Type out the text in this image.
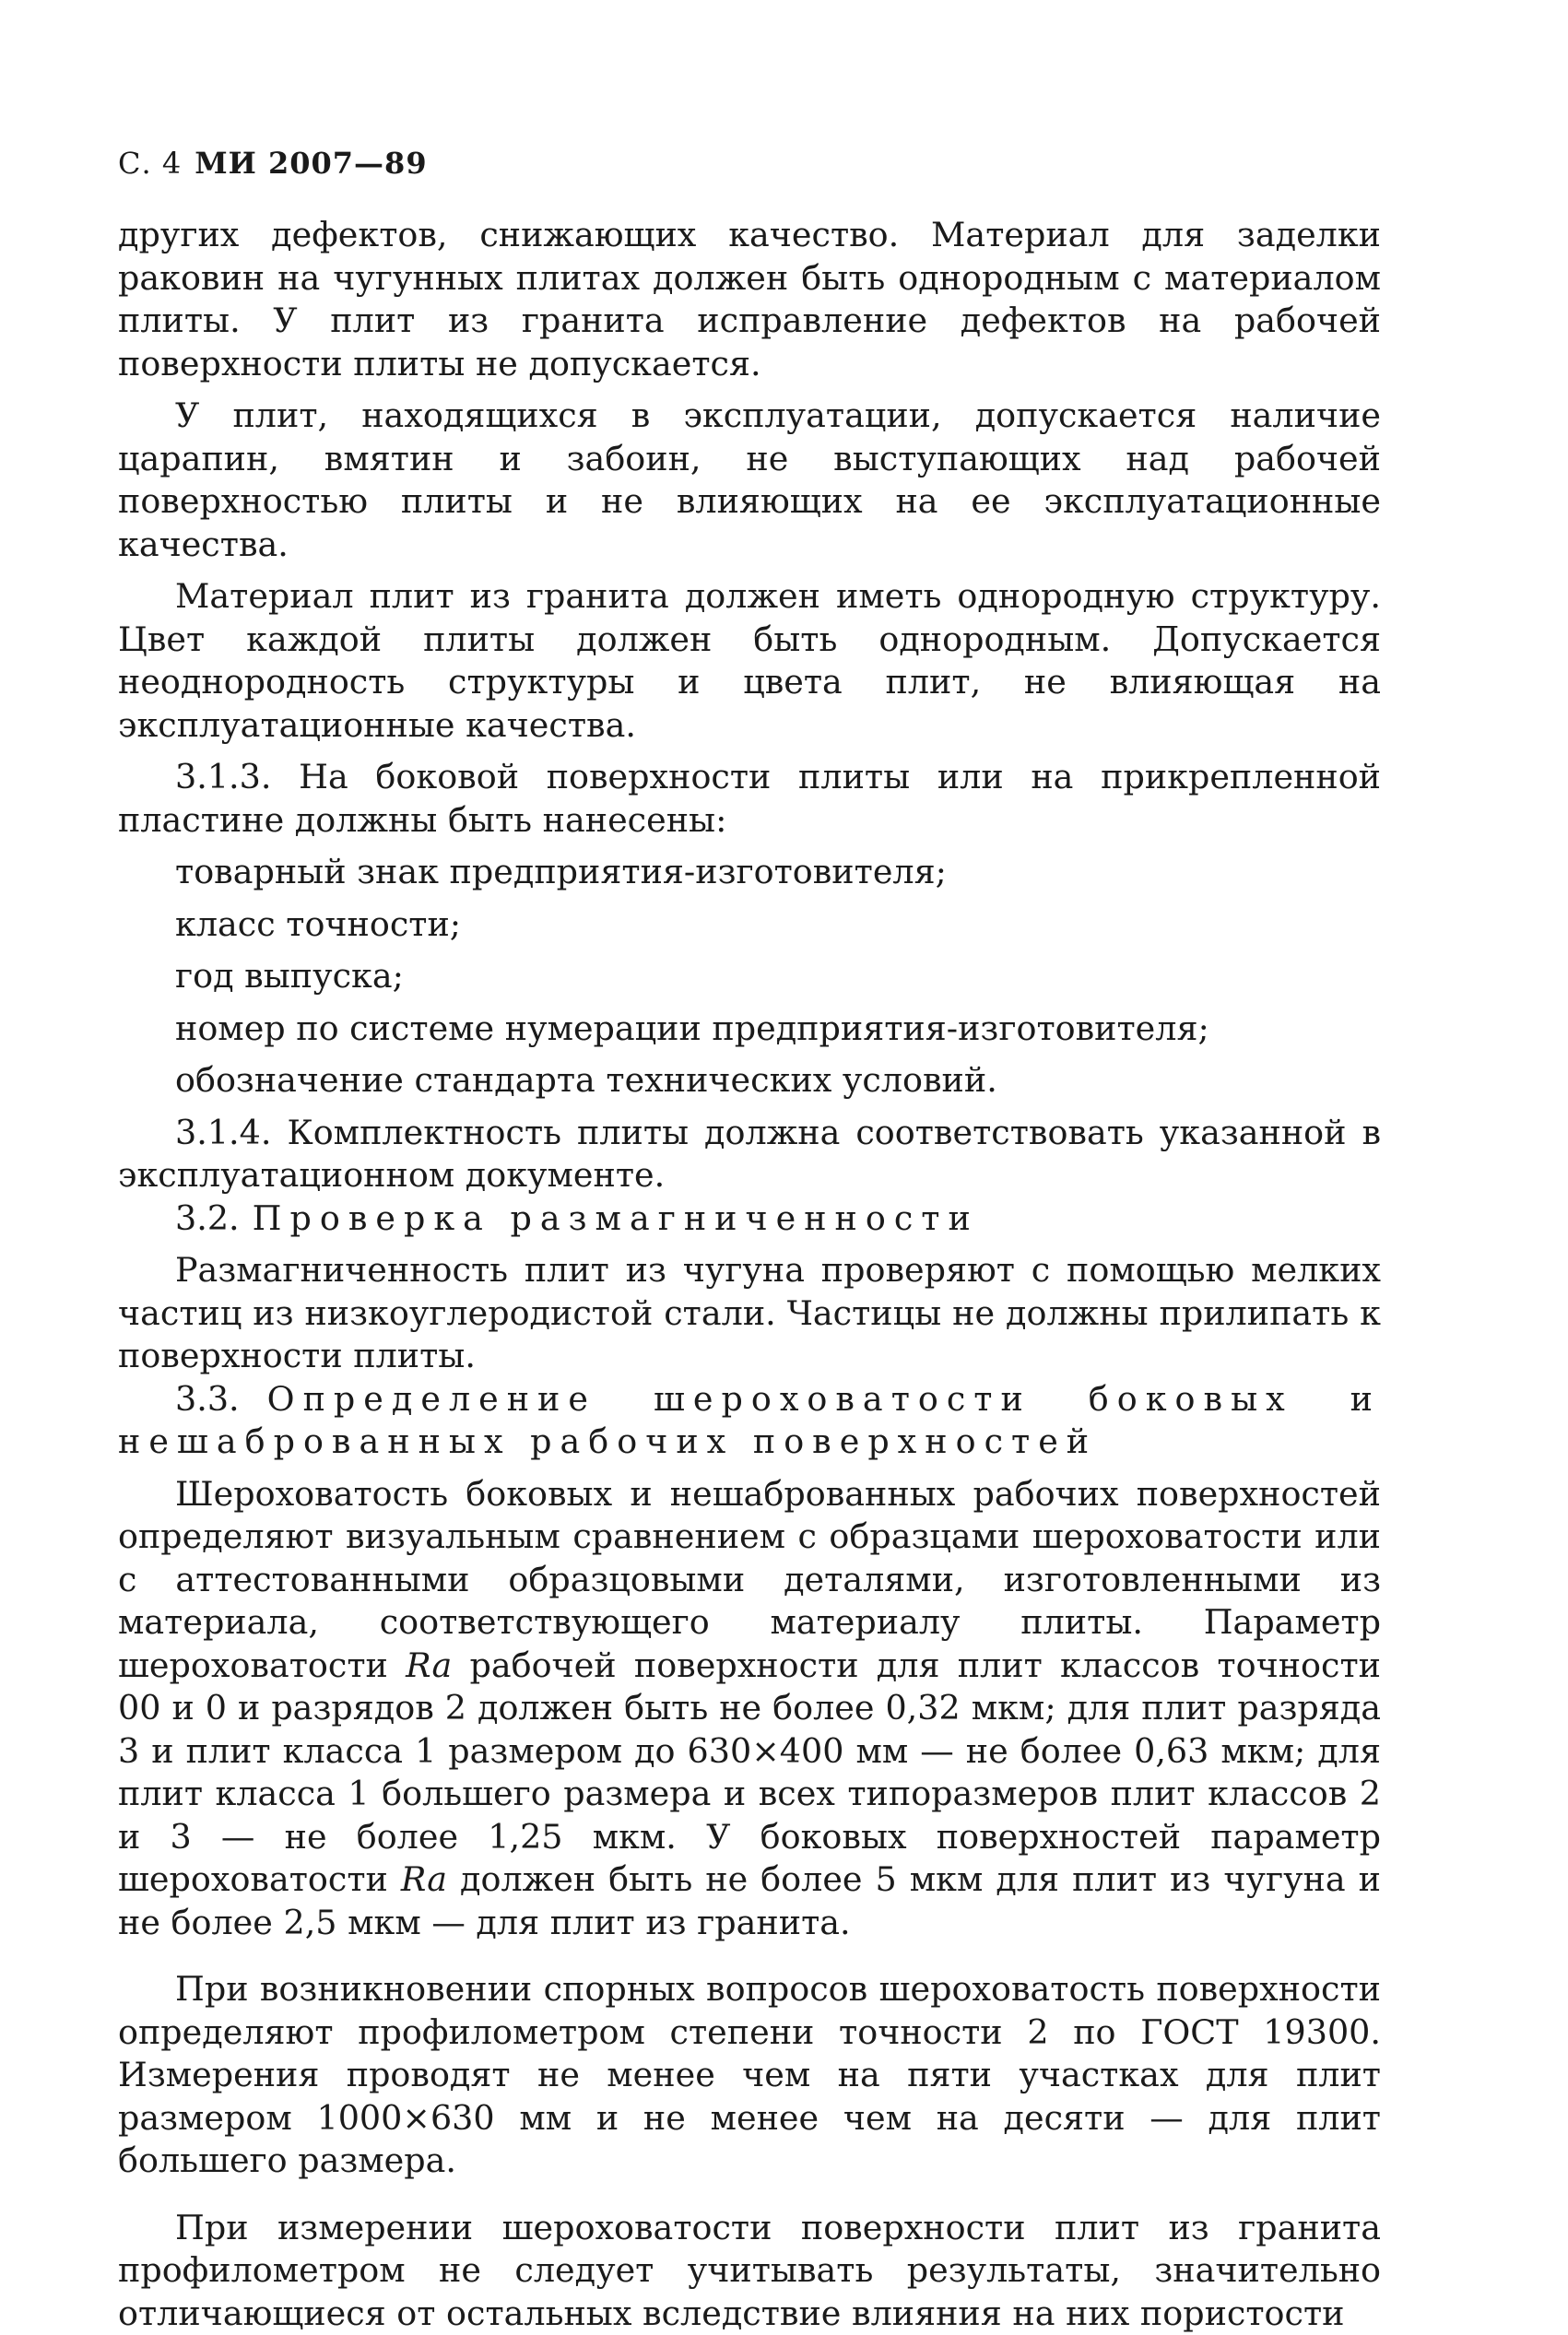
С. 4 МИ 2007—89

других дефектов, снижающих качество. Материал для заделки раковин на чугунных плитах должен быть однородным с материалом плиты. У плит из гранита исправление дефектов на рабочей поверхности плиты не допускается.

У плит, находящихся в эксплуатации, допускается наличие царапин, вмятин и забоин, не выступающих над рабочей поверхностью плиты и не влияющих на ее эксплуатационные качества.

Материал плит из гранита должен иметь однородную структуру. Цвет каждой плиты должен быть однородным. Допускается неоднородность структуры и цвета плит, не влияющая на эксплуатационные качества.

3.1.3. На боковой поверхности плиты или на прикрепленной пластине должны быть нанесены:

товарный знак предприятия-изготовителя;

класс точности;

год выпуска;

номер по системе нумерации предприятия-изготовителя;

обозначение стандарта технических условий.

3.1.4. Комплектность плиты должна соответствовать указанной в эксплуатационном документе.

3.2. Проверка размагниченности

Размагниченность плит из чугуна проверяют с помощью мелких частиц из низкоуглеродистой стали. Частицы не должны прилипать к поверхности плиты.

3.3. Определение шероховатости боковых и

нешаброванных рабочих поверхностей

Шероховатость боковых и нешаброванных рабочих поверхностей определяют визуальным сравнением с образцами шероховатости или с аттестованными образцовыми деталями, изготовленными из материала, соответствующего материалу плиты. Параметр шероховатости Ra рабочей поверхности для плит классов точности 00 и 0 и разрядов 2 должен быть не более 0,32 мкм; для плит разряда 3 и плит класса 1 размером до 630×400 мм — не более 0,63 мкм; для плит класса 1 большего размера и всех типоразмеров плит классов 2 и 3 — не более 1,25 мкм. У боковых поверхностей параметр шероховатости Ra должен быть не более 5 мкм для плит из чугуна и не более 2,5 мкм — для плит из гранита.

При возникновении спорных вопросов шероховатость поверхности определяют профилометром степени точности 2 по ГОСТ 19300. Измерения проводят не менее чем на пяти участках для плит размером 1000×630 мм и не менее чем на десяти — для плит большего размера.

При измерении шероховатости поверхности плит из гранита профилометром не следует учитывать результаты, значительно отличающиеся от остальных вследствие влияния на них пористости
